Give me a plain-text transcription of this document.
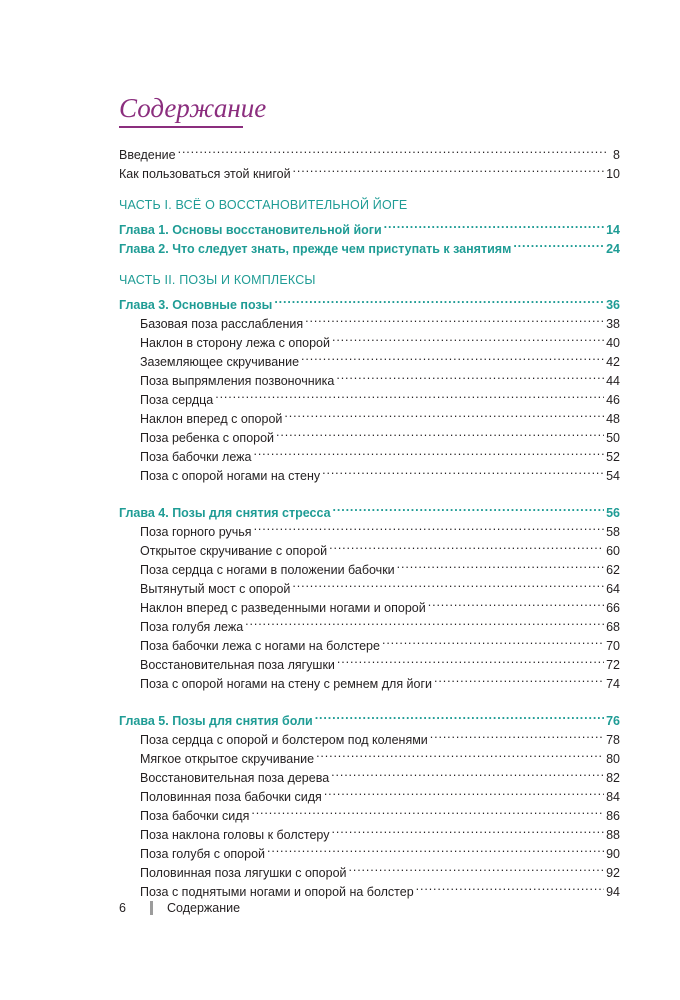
Содержание
Введение . . .	8
Как пользоваться этой книгой . . .	10
ЧАСТЬ I. ВСЁ О ВОССТАНОВИТЕЛЬНОЙ ЙОГЕ
Глава 1. Основы восстановительной йоги . . .	14
Глава 2. Что следует знать, прежде чем приступать к занятиям . . .	24
ЧАСТЬ II. ПОЗЫ И КОМПЛЕКСЫ
Глава 3. Основные позы . . .	36
Базовая поза расслабления . . .	38
Наклон в сторону лежа с опорой . . .	40
Заземляющее скручивание . . .	42
Поза выпрямления позвоночника . . .	44
Поза сердца . . .	46
Наклон вперед с опорой . . .	48
Поза ребенка с опорой . . .	50
Поза бабочки лежа . . .	52
Поза с опорой ногами на стену . . .	54
Глава 4. Позы для снятия стресса . . .	56
Поза горного ручья . . .	58
Открытое скручивание с опорой . . .	60
Поза сердца с ногами в положении бабочки . . .	62
Вытянутый мост с опорой . . .	64
Наклон вперед с разведенными ногами и опорой . . .	66
Поза голубя лежа . . .	68
Поза бабочки лежа с ногами на болстере . . .	70
Восстановительная поза лягушки . . .	72
Поза с опорой ногами на стену с ремнем для йоги . . .	74
Глава 5. Позы для снятия боли . . .	76
Поза сердца с опорой и болстером под коленями . . .	78
Мягкое открытое скручивание . . .	80
Восстановительная поза дерева . . .	82
Половинная поза бабочки сидя . . .	84
Поза бабочки сидя . . .	86
Поза наклона головы к болстеру . . .	88
Поза голубя с опорой . . .	90
Половинная поза лягушки с опорой . . .	92
Поза с поднятыми ногами и опорой на болстер . . .	94
6	Содержание
